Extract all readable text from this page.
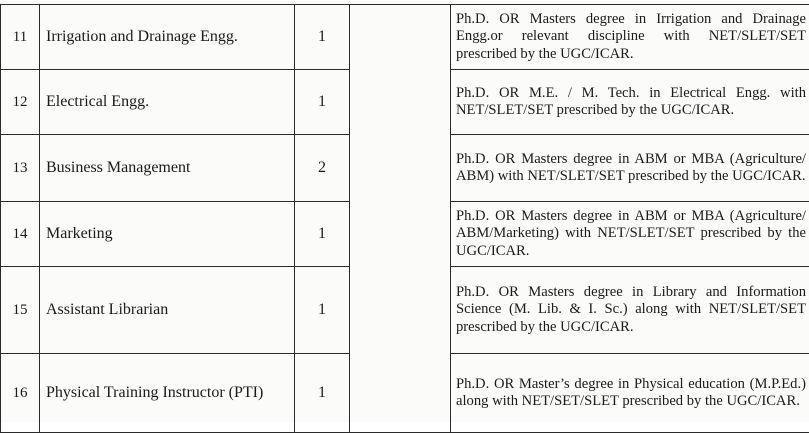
11	Irrigation and Drainage Engg.	1		Ph.D. OR Masters degree in Irrigation and Drainage Engg.or relevant discipline with NET/SLET/SET prescribed by the UGC/ICAR.
12	Electrical Engg.	1		Ph.D. OR M.E. / M. Tech. in Electrical Engg. with NET/SLET/SET prescribed by the UGC/ICAR.
13	Business Management	2		Ph.D. OR Masters degree in ABM or MBA (Agriculture/ ABM) with NET/SLET/SET prescribed by the UGC/ICAR.
14	Marketing	1		Ph.D. OR Masters degree in ABM or MBA (Agriculture/ ABM/Marketing) with NET/SLET/SET prescribed by the UGC/ICAR.
15	Assistant Librarian	1		Ph.D. OR Masters degree in Library and Information Science (M. Lib. & I. Sc.) along with NET/SLET/SET prescribed by the UGC/ICAR.
16	Physical Training Instructor (PTI)	1		Ph.D. OR Master’s degree in Physical education (M.P.Ed.) along with NET/SET/SLET prescribed by the UGC/ICAR.
